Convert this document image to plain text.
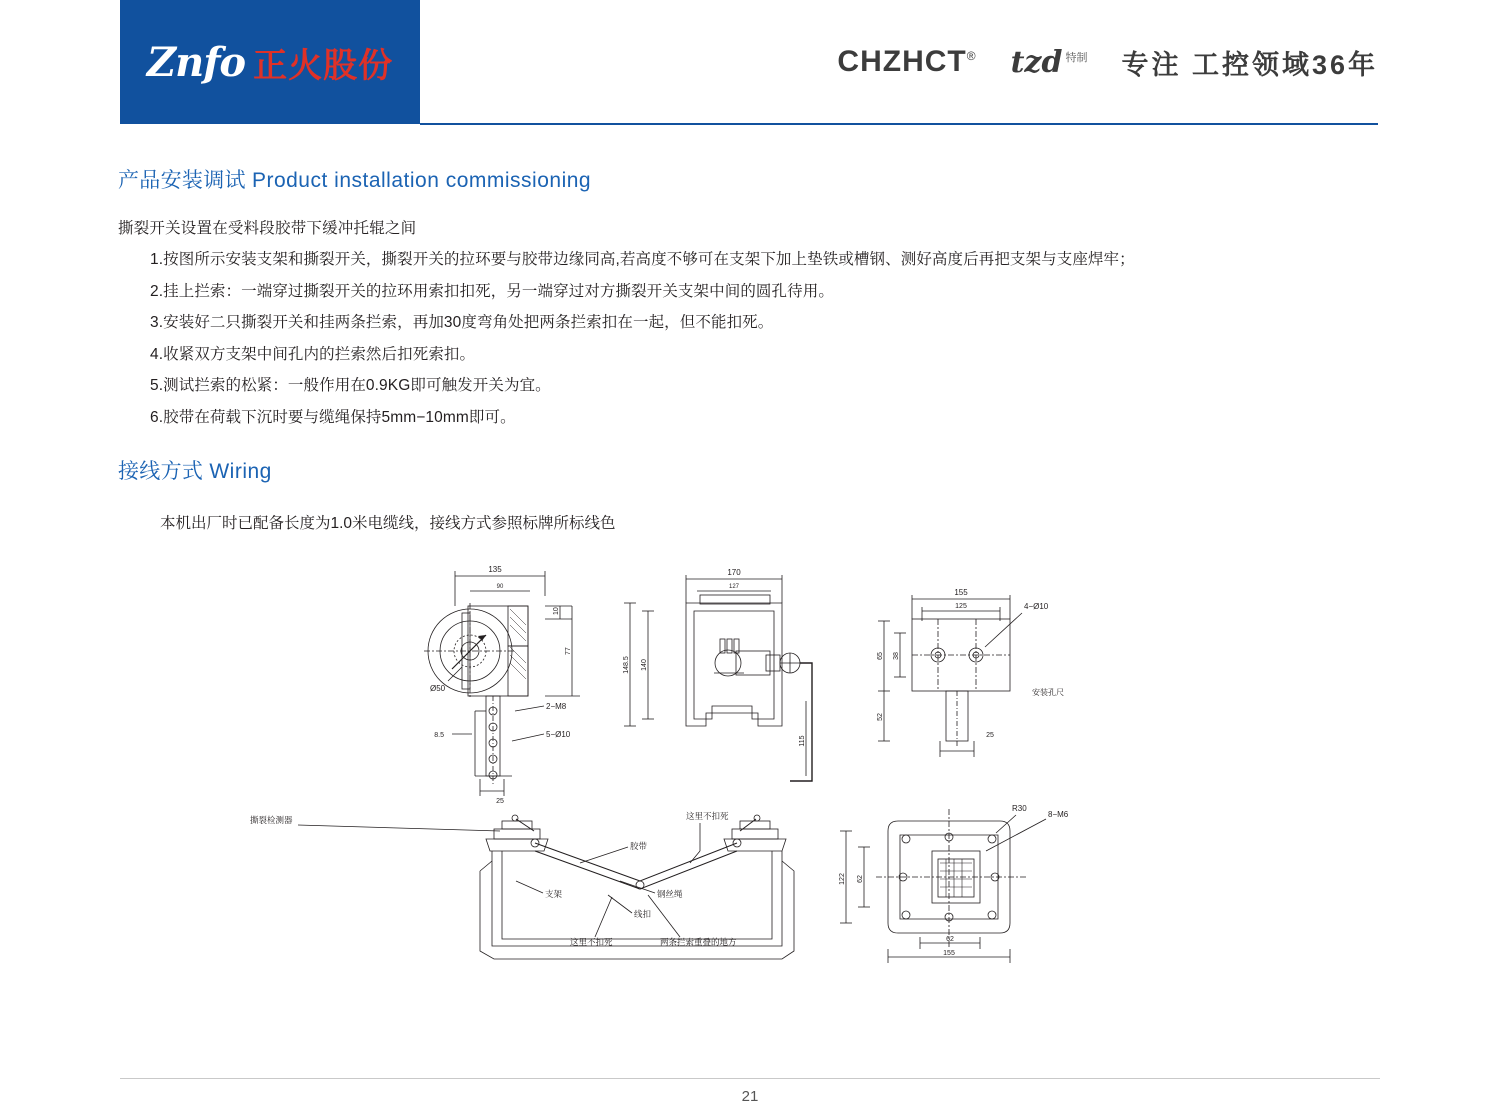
Znfo 正火股份	CHZHCT® tzd $^{特制}$ 专注 工控领域36年
产品安装调试 Product installation commissioning
撕裂开关设置在受料段胶带下缓冲托辊之间
1.按图所示安装支架和撕裂开关，撕裂开关的拉环要与胶带边缘同高,若高度不够可在支架下加上垫铁或槽钢、测好高度后再把支架与支座焊牢；
2.挂上拦索：一端穿过撕裂开关的拉环用索扣扣死，另一端穿过对方撕裂开关支架中间的圆孔待用。
3.安装好二只撕裂开关和挂两条拦索，再加30度弯角处把两条拦索扣在一起，但不能扣死。
4.收紧双方支架中间孔内的拦索然后扣死索扣。
5.测试拦索的松紧：一般作用在0.9KG即可触发开关为宜。
6.胶带在荷载下沉时要与缆绳保持5mm−10mm即可。
接线方式 Wiring
本机出厂时已配备长度为1.0米电缆线，接线方式参照标牌所标线色
135
90
10
77
Ø50
2−M8
5−Ø10
8.5
25
170
127
148.5 140
115
155
125	4−Ø10
65 38
52
25
安装孔尺
撕裂检测器	这里不扣死
胶带
支架	钢丝绳
线扣
这里不扣死	两条拦索重叠的地方
R30
8−M6
122 62
62
155
21
